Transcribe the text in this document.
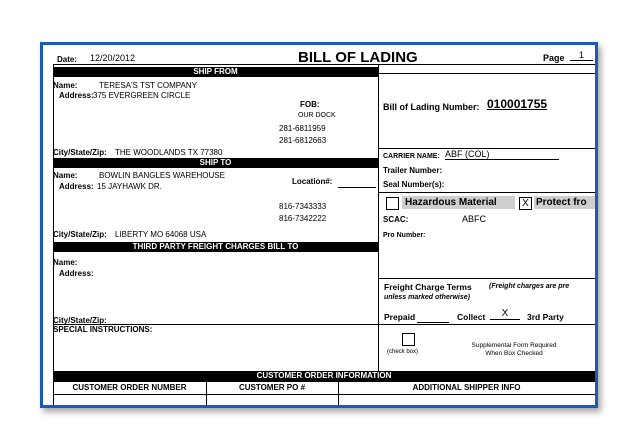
Date: 12/20/2012	BILL OF LADING	Page	1
SHIP FROM
Name:	TERESA'S TST COMPANY
Address: 375 EVERGREEN CIRCLE
FOB:
OUR DOCK
281-6811959
281-6812663
City/State/Zip: THE WOODLANDS TX 77380
SHIP TO
Name:	BOWLIN BANGLES WAREHOUSE
Address: 15 JAYHAWK DR.
Location#:
816-7343333
816-7342222
City/State/Zip: LIBERTY MO 64068 USA
THIRD PARTY FREIGHT CHARGES BILL TO
Name:
Address:
City/State/Zip:
SPECIAL INSTRUCTIONS:
Bill of Lading Number: 010001755
CARRIER NAME: ABF (COL)
Trailer Number:
Seal Number(s):
Hazardous Material	X Protect fro
SCAC:	ABFC
Pro Number:
Freight Charge Terms (Freight charges are pre
unless marked otherwise)
Prepaid	Collect	X	3rd Party
(check box)
Supplemental Form Required
When Box Checked
CUSTOMER ORDER INFORMATION
CUSTOMER ORDER NUMBER	CUSTOMER PO #	ADDITIONAL SHIPPER INFO
